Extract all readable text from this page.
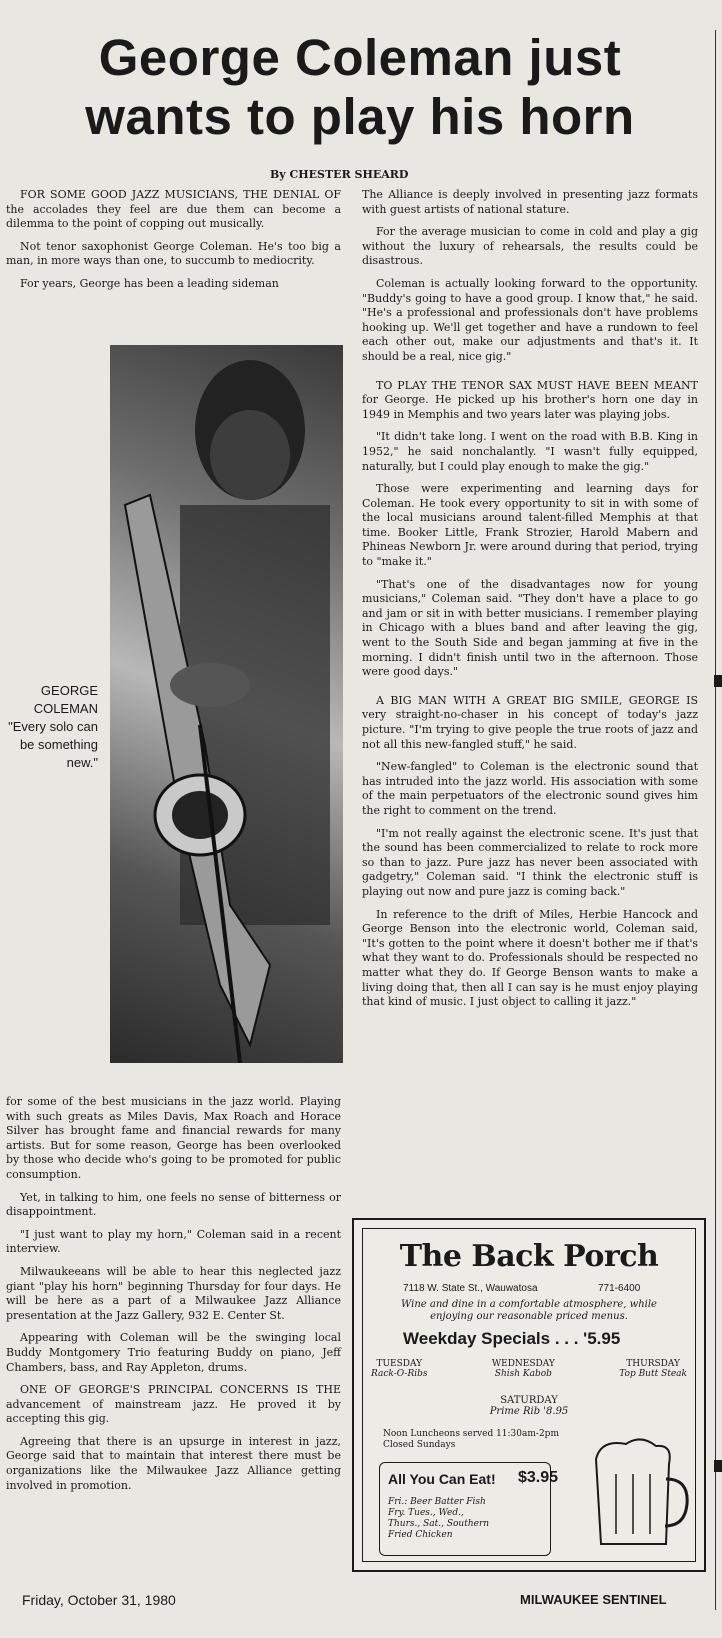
George Coleman just wants to play his horn
By CHESTER SHEARD

FOR SOME GOOD JAZZ MUSICIANS, THE DENIAL OF the accolades they feel are due them can become a dilemma to the point of copping out musically.

Not tenor saxophonist George Coleman. He's too big a man, in more ways than one, to succumb to mediocrity.

For years, George has been a leading sideman

GEORGE
COLEMAN
"Every solo can be something new."

for some of the best musicians in the jazz world. Playing with such greats as Miles Davis, Max Roach and Horace Silver has brought fame and financial rewards for many artists. But for some reason, George has been overlooked by those who decide who's going to be promoted for public consumption.

Yet, in talking to him, one feels no sense of bitterness or disappointment.

"I just want to play my horn," Coleman said in a recent interview.

Milwaukeeans will be able to hear this neglected jazz giant "play his horn" beginning Thursday for four days. He will be here as a part of a Milwaukee Jazz Alliance presentation at the Jazz Gallery, 932 E. Center St.

Appearing with Coleman will be the swinging local Buddy Montgomery Trio featuring Buddy on piano, Jeff Chambers, bass, and Ray Appleton, drums.

ONE OF GEORGE'S PRINCIPAL CONCERNS IS THE advancement of mainstream jazz. He proved it by accepting this gig.

Agreeing that there is an upsurge in interest in jazz, George said that to maintain that interest there must be organizations like the Milwaukee Jazz Alliance getting involved in promotion.

The Alliance is deeply involved in presenting jazz formats with guest artists of national stature.

For the average musician to come in cold and play a gig without the luxury of rehearsals, the results could be disastrous.

Coleman is actually looking forward to the opportunity. "Buddy's going to have a good group. I know that," he said. "He's a professional and professionals don't have problems hooking up. We'll get together and have a rundown to feel each other out, make our adjustments and that's it. It should be a real, nice gig."

TO PLAY THE TENOR SAX MUST HAVE BEEN MEANT for George. He picked up his brother's horn one day in 1949 in Memphis and two years later was playing jobs.

"It didn't take long. I went on the road with B.B. King in 1952," he said nonchalantly. "I wasn't fully equipped, naturally, but I could play enough to make the gig."

Those were experimenting and learning days for Coleman. He took every opportunity to sit in with some of the local musicians around talent-filled Memphis at that time. Booker Little, Frank Strozier, Harold Mabern and Phineas Newborn Jr. were around during that period, trying to "make it."

"That's one of the disadvantages now for young musicians," Coleman said. "They don't have a place to go and jam or sit in with better musicians. I remember playing in Chicago with a blues band and after leaving the gig, went to the South Side and began jamming at five in the morning. I didn't finish until two in the afternoon. Those were good days."

A BIG MAN WITH A GREAT BIG SMILE, GEORGE IS very straight-no-chaser in his concept of today's jazz picture. "I'm trying to give people the true roots of jazz and not all this new-fangled stuff," he said.

"New-fangled" to Coleman is the electronic sound that has intruded into the jazz world. His association with some of the main perpetuators of the electronic sound gives him the right to comment on the trend.

"I'm not really against the electronic scene. It's just that the sound has been commercialized to relate to rock more so than to jazz. Pure jazz has never been associated with gadgetry," Coleman said. "I think the electronic stuff is playing out now and pure jazz is coming back."

In reference to the drift of Miles, Herbie Hancock and George Benson into the electronic world, Coleman said, "It's gotten to the point where it doesn't bother me if that's what they want to do. Professionals should be respected no matter what they do. If George Benson wants to make a living doing that, then all I can say is he must enjoy playing that kind of music. I just object to calling it jazz."

The Back Porch
7118 W. State St., Wauwatosa	771-6400
Wine and dine in a comfortable atmosphere, while enjoying our reasonable priced menus.
Weekday Specials . . . '5.95
TUESDAY
Rack-O-Ribs
WEDNESDAY
Shish Kabob
THURSDAY
Top Butt Steak
SATURDAY
Prime Rib '8.95
Noon Luncheons served 11:30am-2pm
Closed Sundays
All You Can Eat! $3.95
Fri.: Beer Batter Fish
Fry. Tues., Wed.,
Thurs., Sat., Southern
Fried Chicken
Friday, October 31, 1980	MILWAUKEE SENTINEL
